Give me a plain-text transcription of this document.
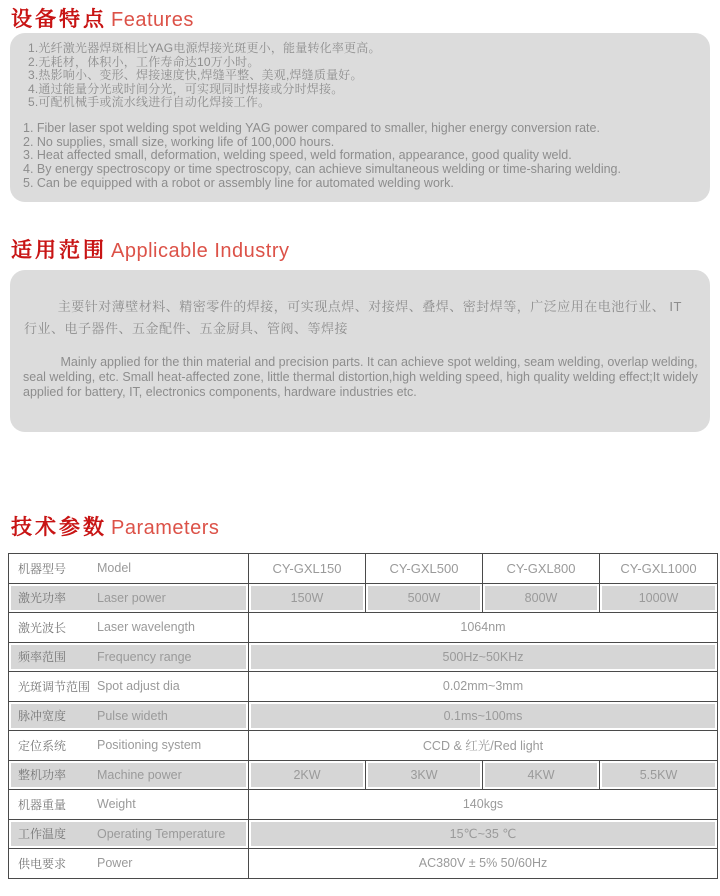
设备特点 Features
1.光纤激光器焊斑相比YAG电源焊接光斑更小，能量转化率更高。
2.无耗材，体积小，工作寿命达10万小时。
3.热影响小、变形、焊接速度快,焊缝平整、美观,焊缝质量好。
4.通过能量分光或时间分光，可实现同时焊接或分时焊接。
5.可配机械手或流水线进行自动化焊接工作。
1. Fiber laser spot welding spot welding YAG power compared to smaller, higher energy conversion rate.
2. No supplies, small size, working life of 100,000 hours.
3. Heat affected small, deformation, welding speed, weld formation, appearance, good quality weld.
4. By energy spectroscopy or time spectroscopy, can achieve simultaneous welding or time-sharing welding.
5. Can be equipped with a robot or assembly line for automated welding work.
适用范围 Applicable Industry

主要针对薄壁材料、精密零件的焊接，可实现点焊、对接焊、叠焊、密封焊等，广泛应用在电池行业、 IT 行业、电子器件、五金配件、五金厨具、管阀、等焊接

Mainly applied for the thin material and precision parts. It can achieve spot welding, seam welding, overlap welding, seal welding, etc. Small heat-affected zone, little thermal distortion,high welding speed, high quality welding effect;It widely applied for battery, IT, electronics components, hardware industries etc.

技术参数 Parameters
机器型号 Model	CY-GXL150	CY-GXL500	CY-GXL800	CY-GXL1000

激光功率 Laser power	150W	500W	800W	1000W

激光波长 Laser wavelength	1064nm			

频率范围 Frequency range	500Hz~50KHz			

光斑调节范围 Spot adjust dia	0.02mm~3mm			

脉冲宽度 Pulse wideth	0.1ms~100ms			

定位系统 Positioning system	CCD & 红光/Red light			

整机功率 Machine power	2KW	3KW	4KW	5.5KW

机器重量 Weight	140kgs			

工作温度 Operating Temperature	15℃~35 ℃			

供电要求 Power	AC380V ± 5% 50/60Hz			
